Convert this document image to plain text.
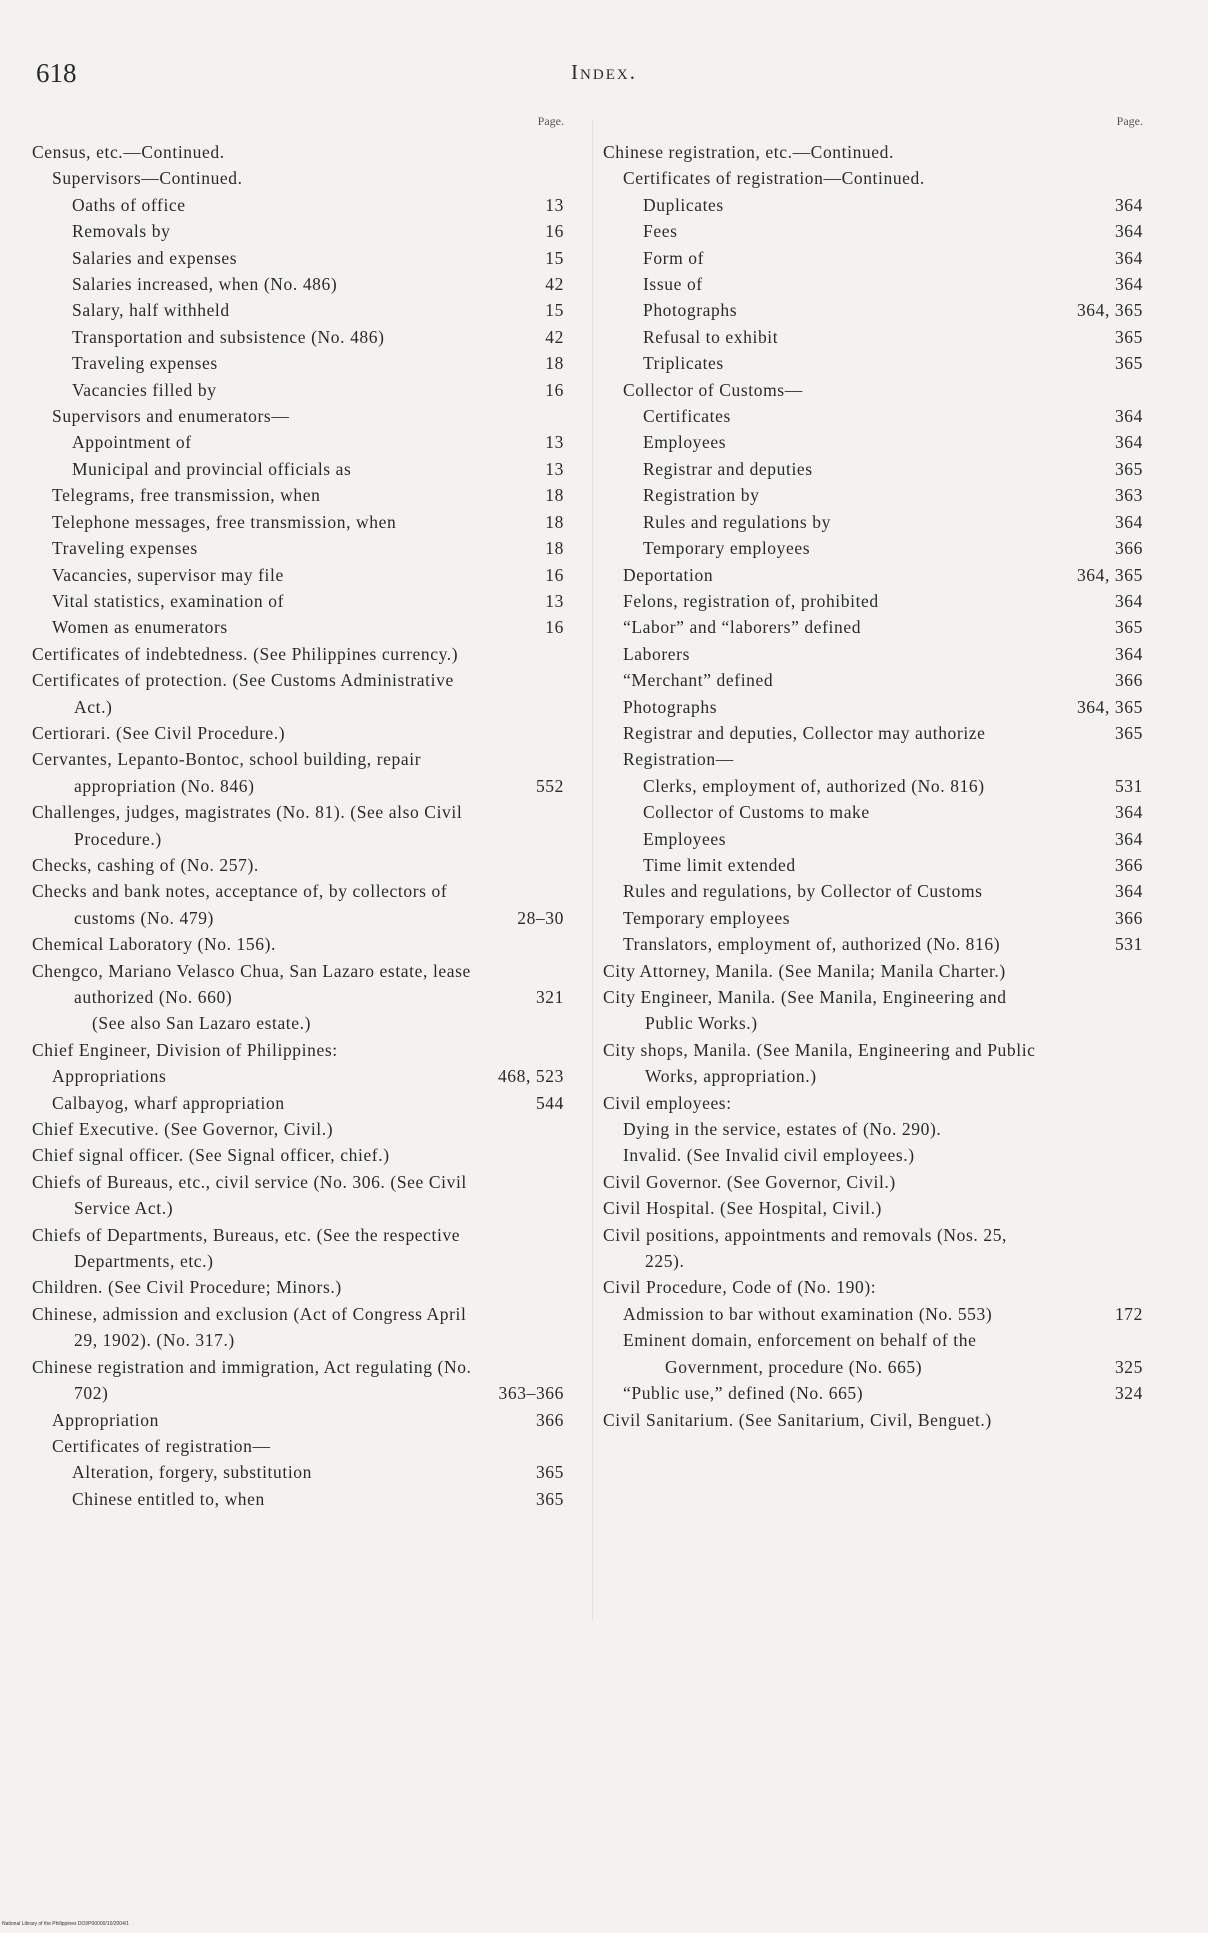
618	Index.
Page.
Census, etc.—Continued.
Supervisors—Continued.
Oaths of office	13
Removals by	16
Salaries and expenses	15
Salaries increased, when (No. 486)	42
Salary, half withheld	15
Transportation and subsistence (No. 486)	42
Traveling expenses	18
Vacancies filled by	16
Supervisors and enumerators—
Appointment of	13
Municipal and provincial officials as	13
Telegrams, free transmission, when	18
Telephone messages, free transmission, when	18
Traveling expenses	18
Vacancies, supervisor may file	16
Vital statistics, examination of	13
Women as enumerators	16
Certificates of indebtedness. (See Philippines currency.)
Certificates of protection. (See Customs Administrative Act.)
Certiorari. (See Civil Procedure.)
Cervantes, Lepanto-Bontoc, school building, repair appropriation (No. 846)	552
Challenges, judges, magistrates (No. 81). (See also Civil Procedure.)
Checks, cashing of (No. 257).
Checks and bank notes, acceptance of, by collectors of customs (No. 479)	28–30
Chemical Laboratory (No. 156).
Chengco, Mariano Velasco Chua, San Lazaro estate, lease authorized (No. 660)	321
(See also San Lazaro estate.)
Chief Engineer, Division of Philippines:
Appropriations	468, 523
Calbayog, wharf appropriation	544
Chief Executive. (See Governor, Civil.)
Chief signal officer. (See Signal officer, chief.)
Chiefs of Bureaus, etc., civil service (No. 306. (See Civil Service Act.)
Chiefs of Departments, Bureaus, etc. (See the respective Departments, etc.)
Children. (See Civil Procedure; Minors.)
Chinese, admission and exclusion (Act of Congress April 29, 1902). (No. 317.)
Chinese registration and immigration, Act regulating (No. 702)	363–366
Appropriation	366
Certificates of registration—
Alteration, forgery, substitution	365
Chinese entitled to, when	365
Page.
Chinese registration, etc.—Continued.
Certificates of registration—Continued.
Duplicates	364
Fees	364
Form of	364
Issue of	364
Photographs	364, 365
Refusal to exhibit	365
Triplicates	365
Collector of Customs—
Certificates	364
Employees	364
Registrar and deputies	365
Registration by	363
Rules and regulations by	364
Temporary employees	366
Deportation	364, 365
Felons, registration of, prohibited	364
“Labor” and “laborers” defined	365
Laborers	364
“Merchant” defined	366
Photographs	364, 365
Registrar and deputies, Collector may authorize	365
Registration—
Clerks, employment of, authorized (No. 816)	531
Collector of Customs to make	364
Employees	364
Time limit extended	366
Rules and regulations, by Collector of Customs	364
Temporary employees	366
Translators, employment of, authorized (No. 816)	531
City Attorney, Manila. (See Manila; Manila Charter.)
City Engineer, Manila. (See Manila, Engineering and Public Works.)
City shops, Manila. (See Manila, Engineering and Public Works, appropriation.)
Civil employees:
Dying in the service, estates of (No. 290).
Invalid. (See Invalid civil employees.)
Civil Governor. (See Governor, Civil.)
Civil Hospital. (See Hospital, Civil.)
Civil positions, appointments and removals (Nos. 25, 225).
Civil Procedure, Code of (No. 190):
Admission to bar without examination (No. 553)	172
Eminent domain, enforcement on behalf of the Government, procedure (No. 665)	325
“Public use,” defined (No. 665)	324
Civil Sanitarium. (See Sanitarium, Civil, Benguet.)
National Library of the Philippines DOI/P00000/10/2004/1
